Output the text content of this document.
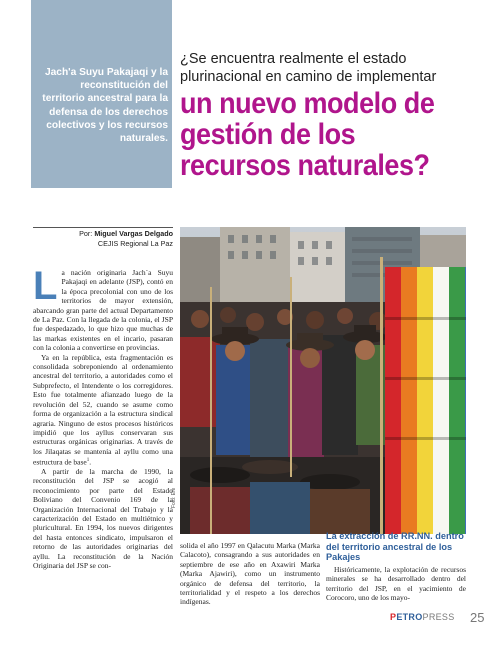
Jach'a Suyu Pakajaqi y la reconstitución del territorio ancestral para la defensa de los derechos colectivos y los recursos naturales.
¿Se encuentra realmente el estado plurinacional en camino de implementar
un nuevo modelo de gestión de los recursos naturales?
Por: Miguel Vargas Delgado
CEJIS Regional La Paz

La nación originaria Jach´a Suyu Pakajaqi en adelante (JSP), contó en la época precolonial con uno de los territorios de mayor extensión, abarcando gran parte del actual Departamento de La Paz. Con la llegada de la colonia, el JSP fue despedazado, lo que hizo que muchas de las markas existentes en el incario, pasaran con la colonia a convertirse en provincias.

Ya en la república, esta fragmentación es consolidada sobreponiendo al ordenamiento ancestral del territorio, a autoridades como el Subprefecto, el Intendente o los corregidores. Esto fue totalmente afianzado luego de la revolución del 52, cuando se asume como forma de organización a la estructura sindical agraria. Ninguno de estos procesos históricos impidió que los ayllus conservaran sus estructuras orgánicas originarias. A través de los Jilaqatas se mantenía al ayllu como una estructura de base$^1$.

A partir de la marcha de 1990, la reconstitución del JSP se acogió al reconocimiento por parte del Estado Boliviano del Convenio 169 de la Organización Internacional del Trabajo y la caracterización del Estado en multiétnico y pluricultural. En 1994, los nuevos dirigentes del hasta entonces sindicato, impulsaron el retorno de las autoridades originarias del ayllu. La reconstitución de la Nación Originaria del JSP se con-

Foto: Efe

solida el año 1997 en Qalacutu Marka (Marka Calacoto), consagrando a sus autoridades en septiembre de ese año en Axawiri Marka (Marka Ajawiri), como un instrumento orgánico de defensa del territorio, la territorialidad y el respeto a los derechos indígenas.

La extracción de RR.NN. dentro del territorio ancestral de los Pakajes

Históricamente, la explotación de recursos minerales se ha desarrollado dentro del territorio del JSP, en el yacimiento de Corocoro, uno de los mayo-

PETROPRESS 25
